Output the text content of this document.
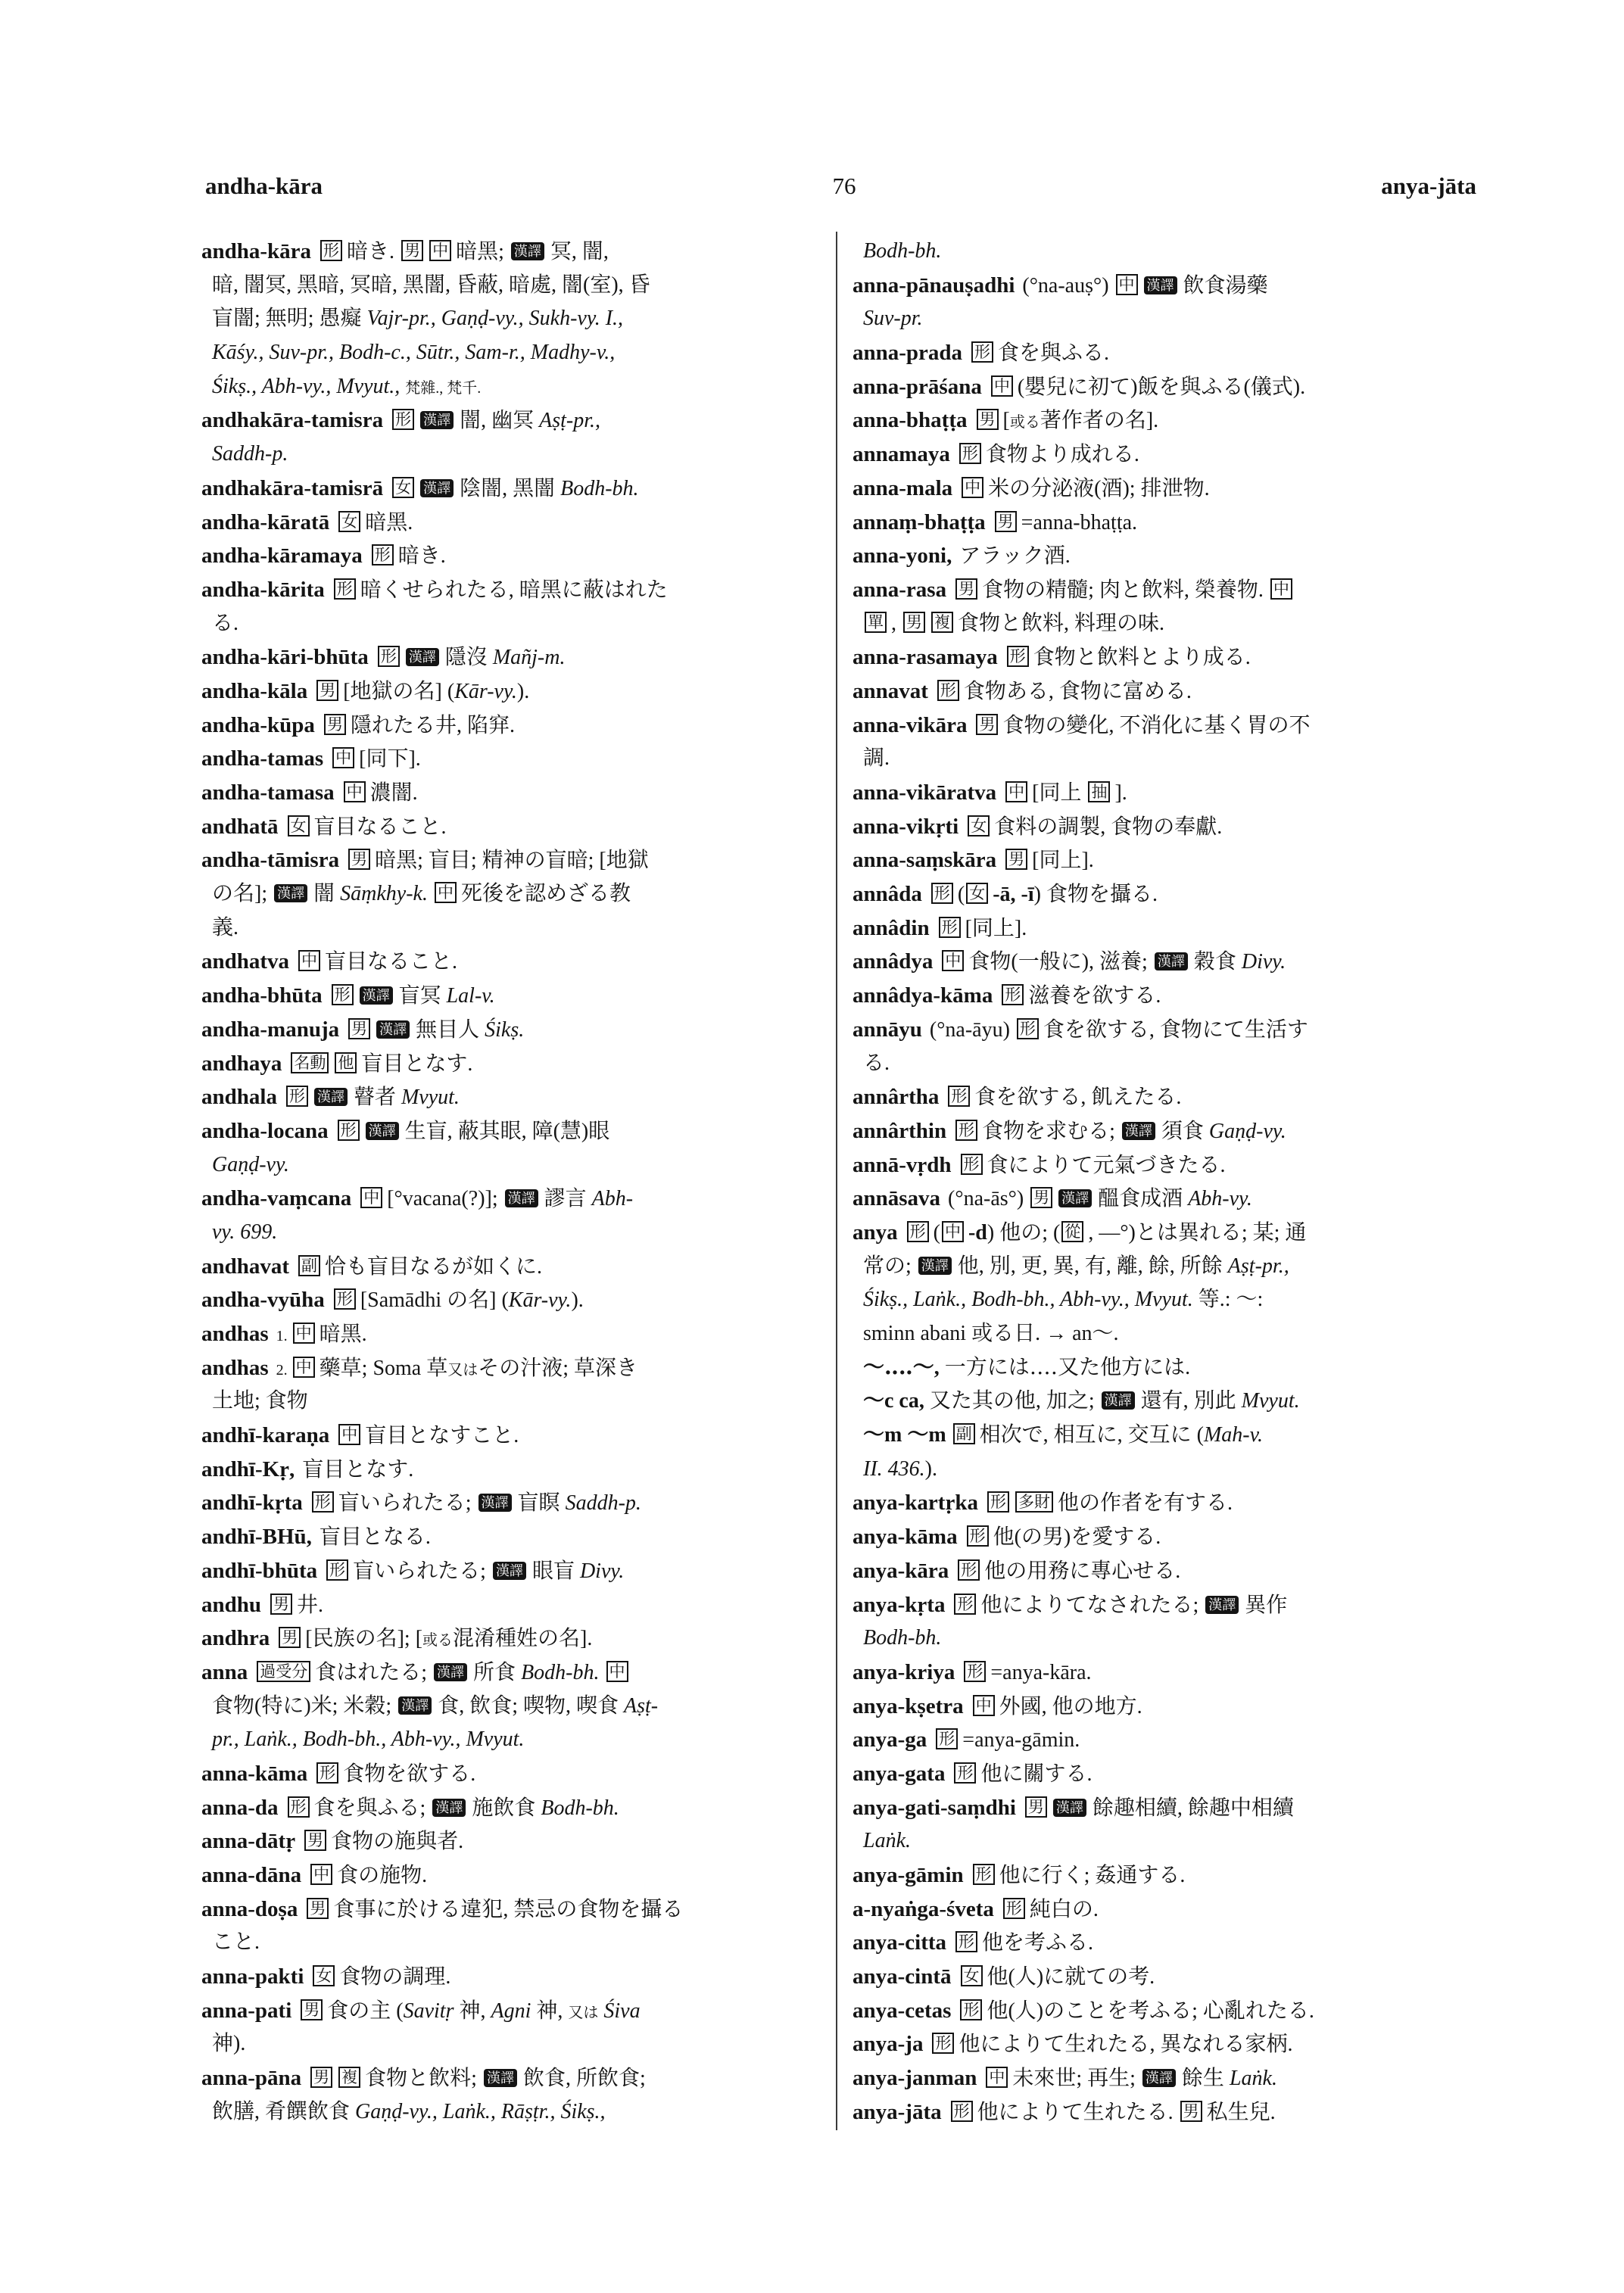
andha-kāra	76	anya-jāta
andha-kāra 形 暗き. 男 中 暗黑; 漢譯 冥, 闇,
暗, 闇冥, 黑暗, 冥暗, 黑闇, 昏蔽, 暗處, 闇(室), 昏
盲闇; 無明; 愚癡 Vajr-pr., Gaṇḍ-vy., Sukh-vy. I.,
Kāśy., Suv-pr., Bodh-c., Sūtr., Sam-r., Madhy-v.,
Śikṣ., Abh-vy., Mvyut., 梵雜., 梵千.
andhakāra-tamisra 形 漢譯 闇, 幽冥 Aṣṭ-pr.,
Saddh-p.
andhakāra-tamisrā 女 漢譯 陰闇, 黑闇 Bodh-bh.
andha-kāratā 女 暗黑.
andha-kāramaya 形 暗き.
andha-kārita 形 暗くせられたる, 暗黑に蔽はれた
る.
andha-kāri-bhūta 形 漢譯 隱沒 Mañj-m.
andha-kāla 男 [地獄の名] (Kār-vy.).
andha-kūpa 男 隱れたる井, 陷穽.
andha-tamas 中 [同下].
andha-tamasa 中 濃闇.
andhatā 女 盲目なること.
andha-tāmisra 男 暗黑; 盲目; 精神の盲暗; [地獄
の名]; 漢譯 闇 Sāṃkhy-k. 中 死後を認めざる教
義.
andhatva 中 盲目なること.
andha-bhūta 形 漢譯 盲冥 Lal-v.
andha-manuja 男 漢譯 無目人 Śikṣ.
andhaya 名動 他 盲目となす.
andhala 形 漢譯 瞽者 Mvyut.
andha-locana 形 漢譯 生盲, 蔽其眼, 障(慧)眼
Gaṇḍ-vy.
andha-vaṃcana 中 [°vacana(?)]; 漢譯 謬言 Abh-
vy. 699.
andhavat 副 恰も盲目なるが如くに.
andha-vyūha 形 [Samādhi の名] (Kār-vy.).
andhas 1. 中 暗黑.
andhas 2. 中 藥草; Soma 草又はその汁液; 草深き
土地; 食物
andhī-karaṇa 中 盲目となすこと.
andhī-Kṛ, 盲目となす.
andhī-kṛta 形 盲いられたる; 漢譯 盲瞑 Saddh-p.
andhī-BHū, 盲目となる.
andhī-bhūta 形 盲いられたる; 漢譯 眼盲 Divy.
andhu 男 井.
andhra 男 [民族の名]; [或る混淆種姓の名].
anna 過受分 食はれたる; 漢譯 所食 Bodh-bh. 中
食物(特に)米; 米穀; 漢譯 食, 飲食; 喫物, 喫食 Aṣṭ-
pr., Laṅk., Bodh-bh., Abh-vy., Mvyut.
anna-kāma 形 食物を欲する.
anna-da 形 食を與ふる; 漢譯 施飲食 Bodh-bh.
anna-dātṛ 男 食物の施與者.
anna-dāna 中 食の施物.
anna-doṣa 男 食事に於ける違犯, 禁忌の食物を攝る
こと.
anna-pakti 女 食物の調理.
anna-pati 男 食の主 (Savitṛ 神, Agni 神, 又は Śiva
神).
anna-pāna 男 複 食物と飲料; 漢譯 飲食, 所飲食;
飲膳, 肴饌飲食 Gaṇḍ-vy., Laṅk., Rāṣṭr., Śikṣ.,
Bodh-bh.
anna-pānauṣadhi (°na-auṣ°) 中 漢譯 飲食湯藥
Suv-pr.
anna-prada 形 食を與ふる.
anna-prāśana 中 (嬰兒に初て)飯を與ふる(儀式).
anna-bhaṭṭa 男 [或る著作者の名].
annamaya 形 食物より成れる.
anna-mala 中 米の分泌液(酒); 排泄物.
annaṃ-bhaṭṭa 男 =anna-bhaṭṭa.
anna-yoni, アラック酒.
anna-rasa 男 食物の精髓; 肉と飲料, 榮養物. 中
單 , 男 複 食物と飲料, 料理の味.
anna-rasamaya 形 食物と飲料とより成る.
annavat 形 食物ある, 食物に富める.
anna-vikāra 男 食物の變化, 不消化に基く胃の不
調.
anna-vikāratva 中 [同上 抽 ].
anna-vikṛti 女 食料の調製, 食物の奉獻.
anna-saṃskāra 男 [同上].
annâda 形 ( 女 -ā, -ī) 食物を攝る.
annâdin 形 [同上].
annâdya 中 食物(一般に), 滋養; 漢譯 穀食 Divy.
annâdya-kāma 形 滋養を欲する.
annāyu (°na-āyu) 形 食を欲する, 食物にて生活す
る.
annârtha 形 食を欲する, 飢えたる.
annârthin 形 食物を求むる; 漢譯 須食 Gaṇḍ-vy.
annā-vṛdh 形 食によりて元氣づきたる.
annāsava (°na-ās°) 男 漢譯 醞食成酒 Abh-vy.
anya 形 ( 中 -d) 他の; ( 從 , —°)とは異れる; 某; 通
常の; 漢譯 他, 別, 更, 異, 有, 離, 餘, 所餘 Aṣṭ-pr.,
Śikṣ., Laṅk., Bodh-bh., Abh-vy., Mvyut. 等.: 〜:
sminn abani 或る日. → an〜.
〜‥‥〜, 一方には‥‥又た他方には.
〜c ca, 又た其の他, 加之; 漢譯 還有, 別此 Mvyut.
〜m 〜m 副 相次で, 相互に, 交互に (Mah-v.
II. 436.).
anya-kartṛka 形 多財 他の作者を有する.
anya-kāma 形 他(の男)を愛する.
anya-kāra 形 他の用務に專心せる.
anya-kṛta 形 他によりてなされたる; 漢譯 異作
Bodh-bh.
anya-kriya 形 =anya-kāra.
anya-kṣetra 中 外國, 他の地方.
anya-ga 形 =anya-gāmin.
anya-gata 形 他に關する.
anya-gati-saṃdhi 男 漢譯 餘趣相續, 餘趣中相續
Laṅk.
anya-gāmin 形 他に行く; 姦通する.
a-nyaṅga-śveta 形 純白の.
anya-citta 形 他を考ふる.
anya-cintā 女 他(人)に就ての考.
anya-cetas 形 他(人)のことを考ふる; 心亂れたる.
anya-ja 形 他によりて生れたる, 異なれる家柄.
anya-janman 中 未來世; 再生; 漢譯 餘生 Laṅk.
anya-jāta 形 他によりて生れたる. 男 私生兒.
